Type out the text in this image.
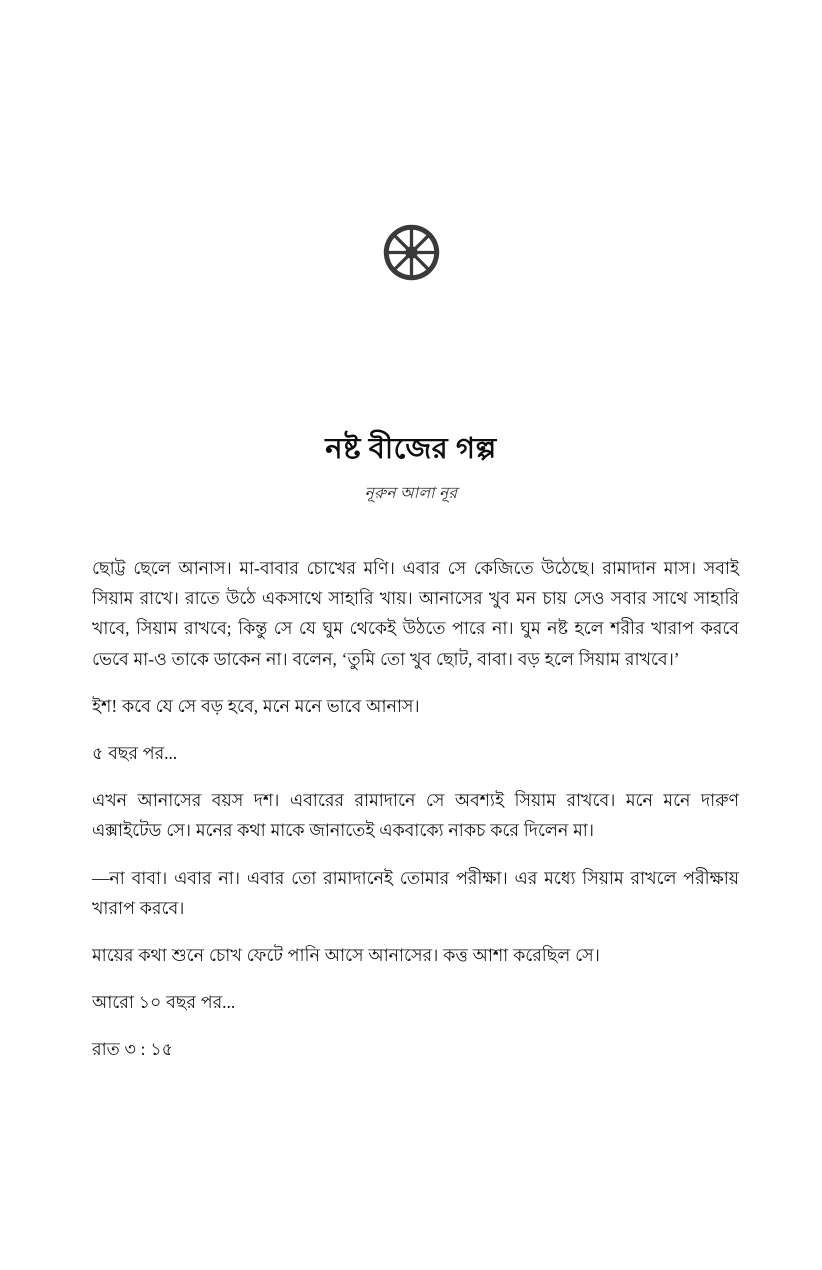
নষ্ট বীজের গল্প

নূরুন আলা নূর

ছোট্ট ছেলে আনাস। মা-বাবার চোখের মণি। এবার সে কেজিতে উঠেছে। রামাদান মাস। সবাই সিয়াম রাখে। রাতে উঠে একসাথে সাহারি খায়। আনাসের খুব মন চায় সেও সবার সাথে সাহারি খাবে, সিয়াম রাখবে; কিন্তু সে যে ঘুম থেকেই উঠতে পারে না। ঘুম নষ্ট হলে শরীর খারাপ করবে ভেবে মা-ও তাকে ডাকেন না। বলেন, ‘তুমি তো খুব ছোট, বাবা। বড় হলে সিয়াম রাখবে।’

ইশ! কবে যে সে বড় হবে, মনে মনে ভাবে আনাস।

৫ বছর পর...

এখন আনাসের বয়স দশ। এবারের রামাদানে সে অবশ্যই সিয়াম রাখবে। মনে মনে দারুণ এক্সাইটেড সে। মনের কথা মাকে জানাতেই একবাক্যে নাকচ করে দিলেন মা।

—না বাবা। এবার না। এবার তো রামাদানেই তোমার পরীক্ষা। এর মধ্যে সিয়াম রাখলে পরীক্ষায় খারাপ করবে।

মায়ের কথা শুনে চোখ ফেটে পানি আসে আনাসের। কত্ত আশা করেছিল সে।

আরো ১০ বছর পর...

রাত ৩ : ১৫
